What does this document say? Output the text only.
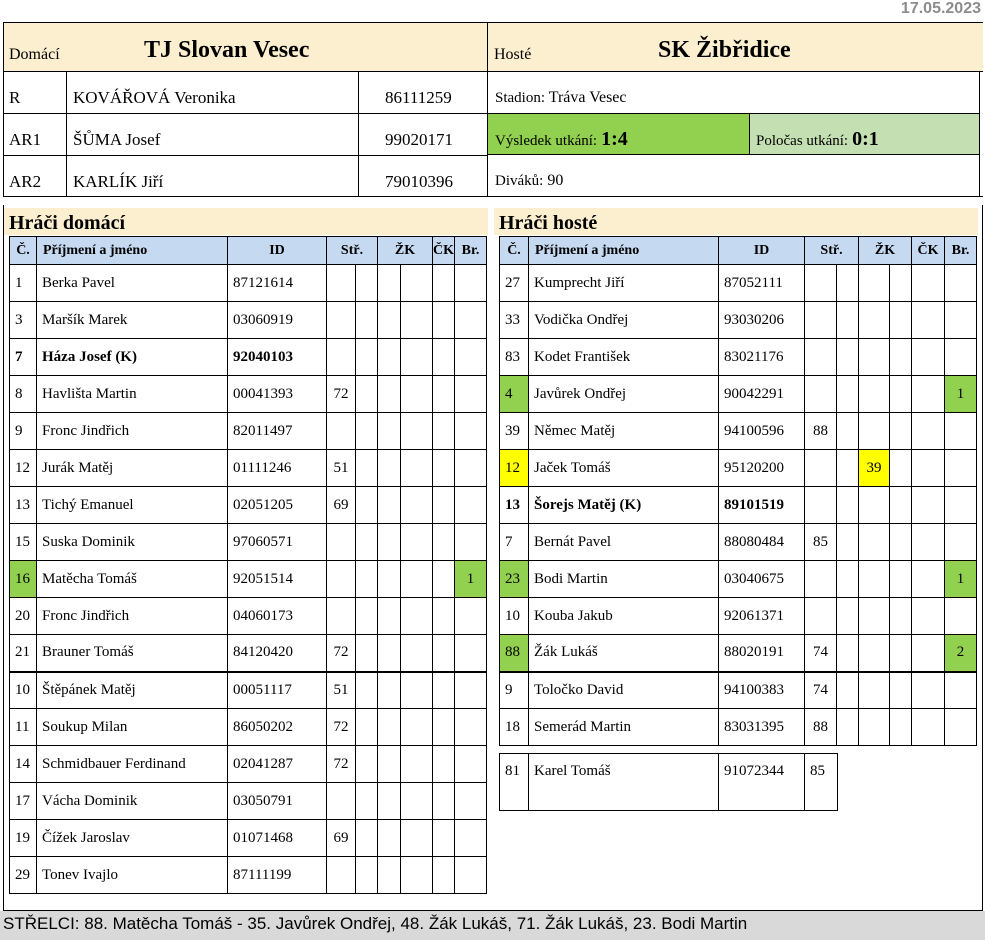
17.05.2023
Domácí	TJ Slovan Vesec	Hosté	SK Žibřidice
R	KOVÁŘOVÁ Veronika	86111259
AR1	ŠŮMA Josef	99020171
AR2	KARLÍK Jiří	79010396
Stadion: Tráva Vesec
Výsledek utkání: 1:4	Poločas utkání: 0:1
Diváků: 90
Hráči domácí	Hráči hosté
Č.	Příjmení a jméno	ID	Stř.		ŽK		ČK	Br.
1	Berka Pavel	87121614						
3	Maršík Marek	03060919						
7	Háza Josef (K)	92040103						
8	Havlišta Martin	00041393	72					
9	Fronc Jindřich	82011497						
12	Jurák Matěj	01111246	51					
13	Tichý Emanuel	02051205	69					
15	Suska Dominik	97060571						
16	Matěcha Tomáš	92051514						1
20	Fronc Jindřich	04060173						
21	Brauner Tomáš	84120420	72					
10	Štěpánek Matěj	00051117	51					
11	Soukup Milan	86050202	72					
14	Schmidbauer Ferdinand	02041287	72					
17	Vácha Dominik	03050791						
19	Čížek Jaroslav	01071468	69					
29	Tonev Ivajlo	87111199						
Č.	Příjmení a jméno	ID	Stř.		ŽK		ČK	Br.
27	Kumprecht Jiří	87052111						
33	Vodička Ondřej	93030206						
83	Kodet František	83021176						
4	Javůrek Ondřej	90042291						1
39	Němec Matěj	94100596	88					
12	Jaček Tomáš	95120200			39			
13	Šorejs Matěj (K)	89101519						
7	Bernát Pavel	88080484	85					
23	Bodi Martin	03040675						1
10	Kouba Jakub	92061371						
88	Žák Lukáš	88020191	74					2
9	Toločko David	94100383	74					
18	Semerád Martin	83031395	88					
81	Karel Tomáš	91072344	85
STŘELCI: 88. Matěcha Tomáš - 35. Javůrek Ondřej, 48. Žák Lukáš, 71. Žák Lukáš, 23. Bodi Martin
